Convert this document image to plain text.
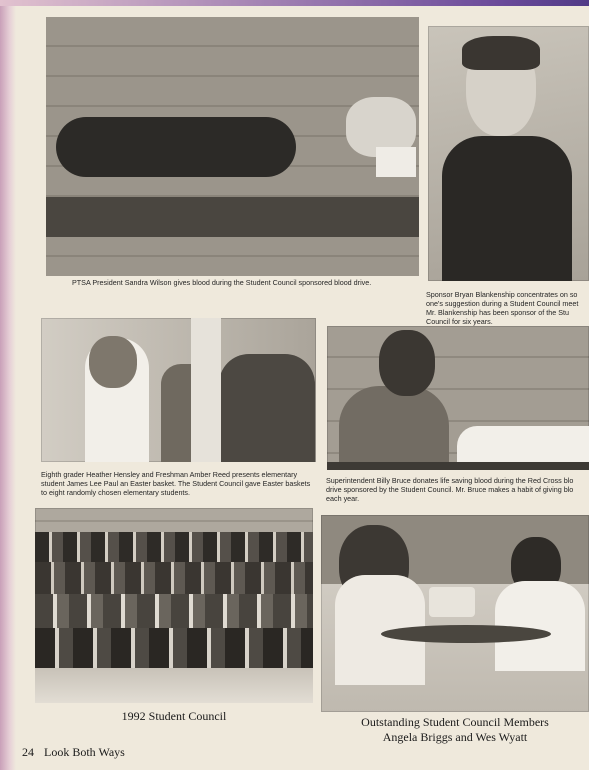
PTSA President Sandra Wilson gives blood during the Student Council sponsored blood drive.

Sponsor Bryan Blankenship concentrates on so
one's suggestion during a Student Council meet
Mr. Blankenship has been sponsor of the Stu
Council for six years.

Eighth grader Heather Hensley and Freshman Amber Reed presents elementary
student James Lee Paul an Easter basket. The Student Council gave Easter baskets
to eight randomly chosen elementary students.

Superintendent Billy Bruce donates life saving blood during the Red Cross blo
drive sponsored by the Student Council. Mr. Bruce makes a habit of giving blo
each year.

1992 Student Council	Outstanding Student Council Members
Angela Briggs and Wes Wyatt
24 Look Both Ways
